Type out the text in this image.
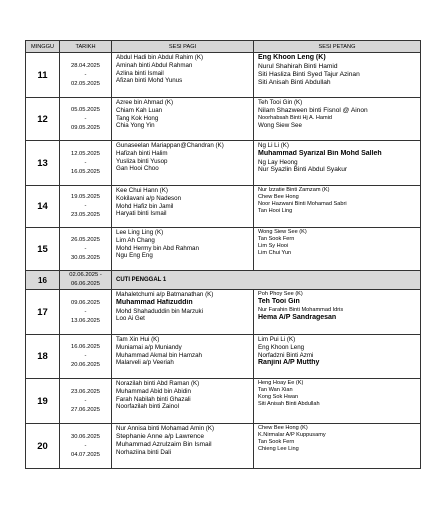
MINGGU	TARIKH	SESI PAGI	SESI PETANG
11	28.04.2025
-
02.05.2025	Abdul Hadi bin Abdul Rahim (K)
Aminah binti Abdul Rahman
Azlina binti Ismail
Afizan binti Mohd Yunus	Eng Khoon Leng (K)
Nurul Shahirah Binti Hamid
Siti Hasliza Binti Syed Tajur Azinan
Siti Anisah Binti Abdullah

12	05.05.2025
-
09.05.2025	Azree bin Ahmad (K)
Chiam Kah Luan
Tang Kok Hong
Chia Yong Yin	Teh Tooi Gin (K)
Nilam Shazween binti Fisnol @ Ainon
Noorhabsah Binti Hj A. Hamid
Wong Siew See

13	12.05.2025
-
16.05.2025	Gunaseelan Mariappan@Chandran (K)
Hafizah binti Halim
Yusliza binti Yusop
Gan Hooi Choo	Ng Li Li (K)
Muhammad Syarizal Bin Mohd Salleh
Ng Lay Heong
Nur Syazlin Binti Abdul Syakur

14	19.05.2025
-
23.05.2025	Kee Chui Hann (K)
Kokilavani a/p Nadeson
Mohd Hafiz bin Jamil
Haryati binti Ismail	Nur Izzatie Binti Zamzam (K)
Chew Bee Hong
Noor Hazwani Binti Mohamad Sabri
Tan Hooi Ling

15	26.05.2025
-
30.05.2025	Lee Ling Ling (K)
Lim Ah Chang
Mohd Hermy bin Abd Rahman
Ngu Eng Eng	Wong Siew See (K)
Tan Sook Fern
Lim Sy Hooi
Lim Chui Yun

16	02.06.2025 -
06.06.2025	CUTI PENGGAL 1	
17	09.06.2025
-
13.06.2025	Mahaletchumi a/p Batmanathan (K)
Muhammad Hafizuddin
Mohd Shahaduddin bin Marzuki
Loo Ai Get	Poh Phoy See (K)
Teh Tooi Gin
Nur Farahin Binti Mohammad Idris
Hema A/P Sandragesan

18	16.06.2025
-
20.06.2025	Tam Xin Hui (K)
Muniamai a/p Muniandy
Muhammad Akmal bin Hamzah
Malarveli a/p Veeriah	Lim Pui Li (K)
Eng Khoon Leng
Norfadzni Binti Azmi
Ranjini A/P Mutthy

19	23.06.2025
-
27.06.2025	Norazilah binti Abd Raman (K)
Muhammad Abid bin Abidin
Farah Nabilah binti Ghazali
Noorfazilah binti Zainol	Heng Hoay Ee (K)
Tan Wan Xian
Kong Sok Hwan
Siti Anisah Binti Abdullah

20	30.06.2025
-
04.07.2025	Nur Annisa binti Mohamad Amin (K)
Stephanie Anne a/p Lawrence
Muhammad Azrulzaim Bin Ismail
Norhaziina binti Dali	Chew Bee Hong (K)
K.Nirmalar A/P Kuppusamy
Tan Sook Fern
Chieng Lee Ling
